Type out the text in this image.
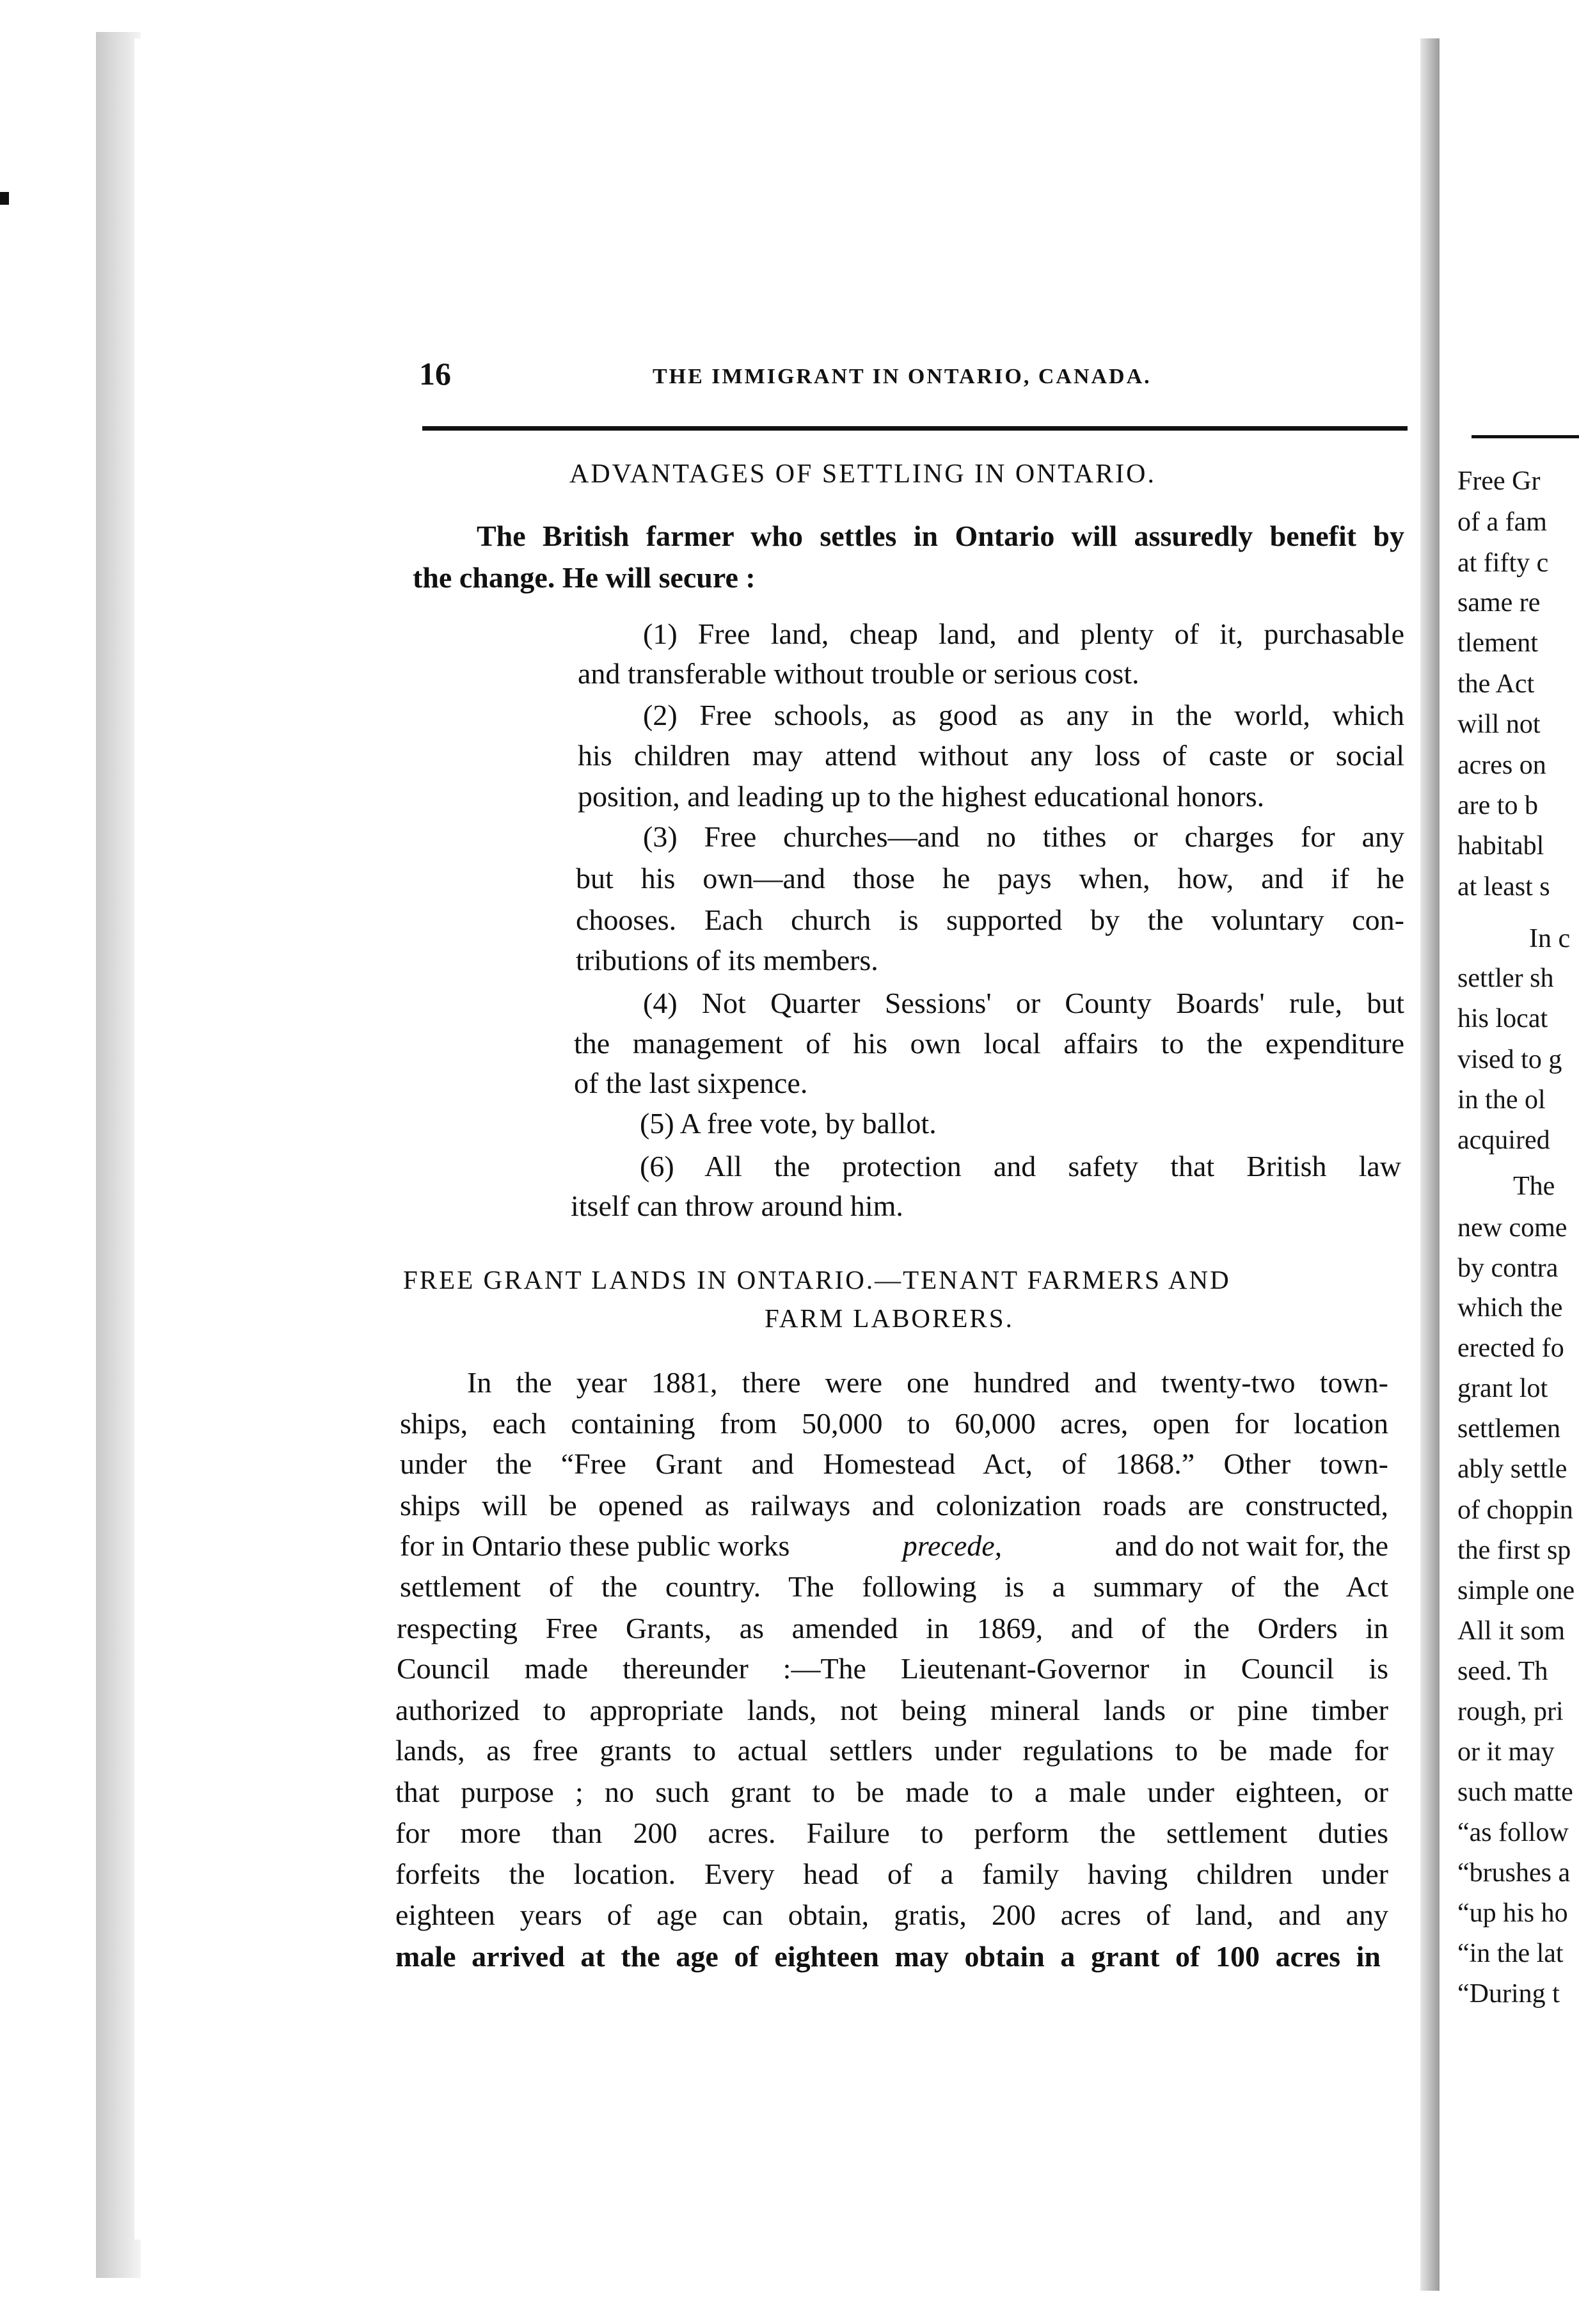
16	THE IMMIGRANT IN ONTARIO, CANADA.
ADVANTAGES OF SETTLING IN ONTARIO.
The British farmer who settles in Ontario will assuredly benefit by
the change. He will secure :
(1) Free land, cheap land, and plenty of it, purchasable
and transferable without trouble or serious cost.
(2) Free schools, as good as any in the world, which
his children may attend without any loss of caste or social
position, and leading up to the highest educational honors.
(3) Free churches—and no tithes or charges for any
but his own—and those he pays when, how, and if he
chooses. Each church is supported by the voluntary con-
tributions of its members.
(4) Not Quarter Sessions' or County Boards' rule, but
the management of his own local affairs to the expenditure
of the last sixpence.
(5) A free vote, by ballot.
(6) All the protection and safety that British law
itself can throw around him.
FREE GRANT LANDS IN ONTARIO.—TENANT FARMERS AND
FARM LABORERS.
In the year 1881, there were one hundred and twenty-two town-
ships, each containing from 50,000 to 60,000 acres, open for location
under the “Free Grant and Homestead Act, of 1868.” Other town-
ships will be opened as railways and colonization roads are constructed,
for in Ontario these public works	precede,	and do not wait for, the
settlement of the country. The following is a summary of the Act
respecting Free Grants, as amended in 1869, and of the Orders in
Council made thereunder :—The Lieutenant-Governor in Council is
authorized to appropriate lands, not being mineral lands or pine timber
lands, as free grants to actual settlers under regulations to be made for
that purpose ; no such grant to be made to a male under eighteen, or
for more than 200 acres. Failure to perform the settlement duties
forfeits the location. Every head of a family having children under
eighteen years of age can obtain, gratis, 200 acres of land, and any
male arrived at the age of eighteen may obtain a grant of 100 acres in
Free Gr
of a fam
at fifty c
same re
tlement
the Act
will not
acres on
are to b
habitabl
at least s
In c
settler sh
his locat
vised to g
in the ol
acquired
The
new come
by contra
which the
erected fo
grant lot
settlemen
ably settle
of choppin
the first sp
simple one
All it som
seed. Th
rough, pri
or it may
such matte
“as follow
“brushes a
“up his ho
“in the lat
“During t
